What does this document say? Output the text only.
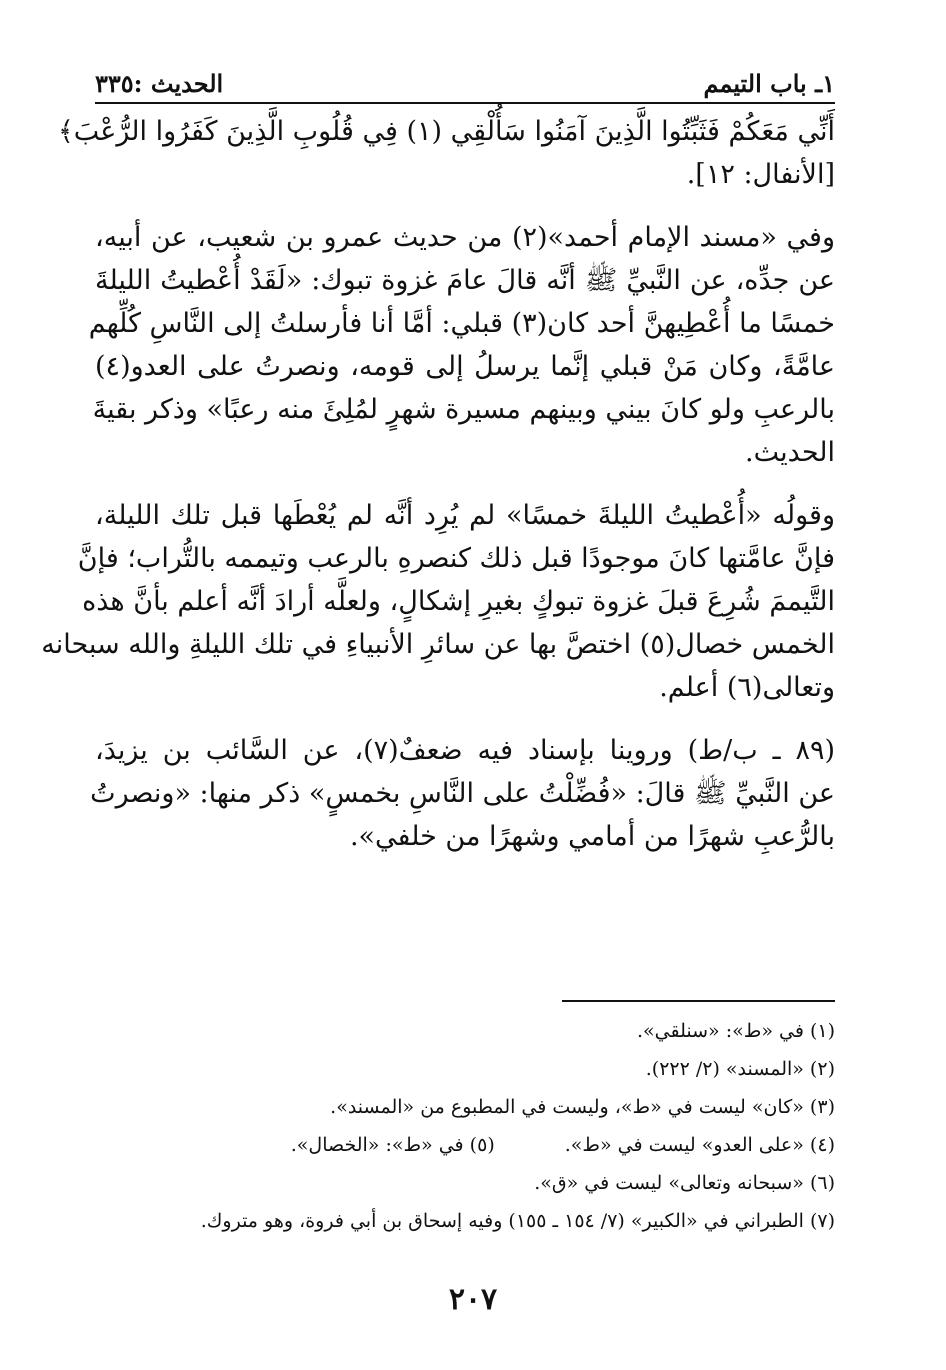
الحديث :٣٣٥	١ـ باب التيمم
أَنِّي مَعَكُمْ فَثَبِّتُوا الَّذِينَ آمَنُوا سَأُلْقِي (١) فِي قُلُوبِ الَّذِينَ كَفَرُوا الرُّعْبَ﴾
[الأنفال: ١٢].
وفي «مسند الإمام أحمد»(٢) من حديث عمرو بن شعيب، عن أبيه،
عن جدِّه، عن النَّبيِّ ﷺ أنَّه قالَ عامَ غزوة تبوك: «لَقَدْ أُعْطيتُ الليلةَ
خمسًا ما أُعْطِيهنَّ أحد كان(٣) قبلي: أمَّا أنا فأرسلتُ إلى النَّاسِ كُلِّهم
عامَّةً، وكان مَنْ قبلي إنَّما يرسلُ إلى قومه، ونصرتُ على العدو(٤)
بالرعبِ ولو كانَ بيني وبينهم مسيرة شهرٍ لمُلِئَ منه رعبًا» وذكر بقيةَ
الحديث.
وقولُه «أُعْطيتُ الليلةَ خمسًا» لم يُرِد أنَّه لم يُعْطَها قبل تلك الليلة،
فإنَّ عامَّتها كانَ موجودًا قبل ذلك كنصرهِ بالرعب وتيممه بالتُّراب؛ فإنَّ
التَّيممَ شُرِعَ قبلَ غزوة تبوكٍ بغيرِ إشكالٍ، ولعلَّه أرادَ أنَّه أعلم بأنَّ هذه
الخمس خصال(٥) اختصَّ بها عن سائرِ الأنبياءِ في تلك الليلةِ والله سبحانه
وتعالى(٦) أعلم.
(٨٩ ـ ب/ط) وروينا بإسناد فيه ضعفٌ(٧)، عن السَّائب بن يزيدَ،
عن النَّبيِّ ﷺ قالَ: «فُضِّلْتُ على النَّاسِ بخمسٍ» ذكر منها: «ونصرتُ
بالرُّعبِ شهرًا من أمامي وشهرًا من خلفي».
(١) في «ط»: «سنلقي».
(٢) «المسند» (٢/ ٢٢٢).
(٣) «كان» ليست في «ط»، وليست في المطبوع من «المسند».
(٤) «على العدو» ليست في «ط».
(٥) في «ط»: «الخصال».
(٦) «سبحانه وتعالى» ليست في «ق».
(٧) الطبراني في «الكبير» (٧/ ١٥٤ ـ ١٥٥) وفيه إسحاق بن أبي فروة، وهو متروك.
٢٠٧
